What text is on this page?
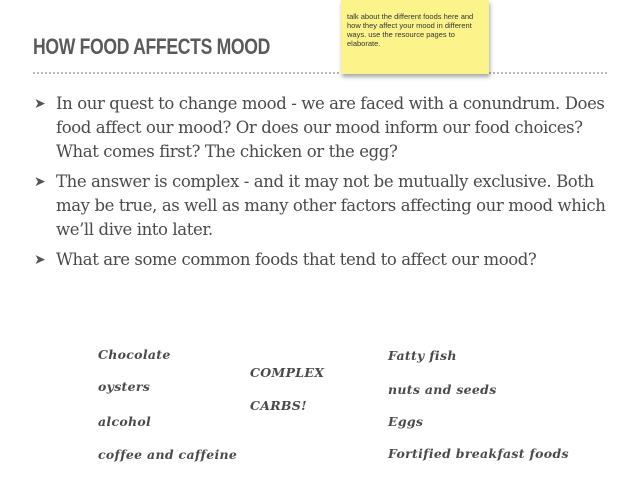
HOW FOOD AFFECTS MOOD
talk about the different foods here and how they affect your mood in different ways. use the resource pages to elaborate.
➤ In our quest to change mood - we are faced with a conundrum. Does food affect our mood? Or does our mood inform our food choices? What comes first? The chicken or the egg?
➤ The answer is complex - and it may not be mutually exclusive. Both may be true, as well as many other factors affecting our mood which we’ll dive into later.
➤ What are some common foods that tend to affect our mood?
Chocolate
oysters
alcohol
coffee and caffeine
COMPLEX
CARBS!
Fatty fish
nuts and seeds
Eggs
Fortified breakfast foods
